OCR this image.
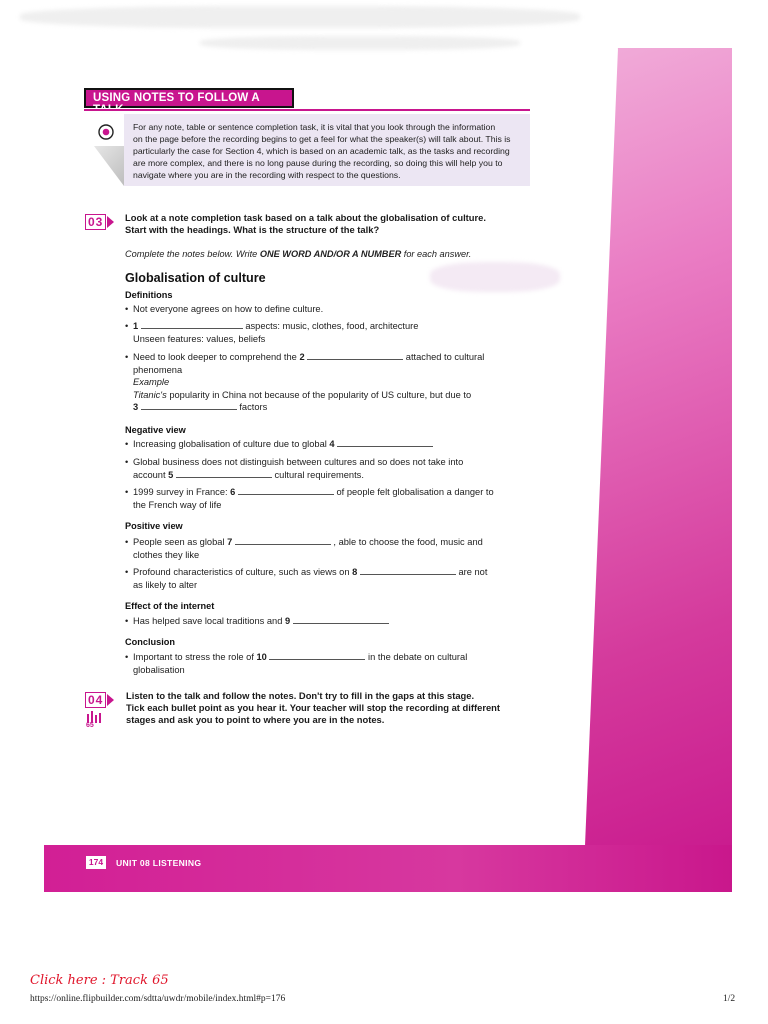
USING NOTES TO FOLLOW A
For any note, table or sentence completion task, it is vital that you look through the information
on the page before the recording begins to get a feel for what the speaker(s) will talk about. This is
particularly the case for Section 4, which is based on an academic talk, as the tasks and recording
are more complex, and there is no long pause during the recording, so doing this will help you to
navigate where you are in the recording with respect to the questions.
03	Look at a note completion task based on a talk about the globalisation of culture.
Start with the headings. What is the structure of the talk?
Complete the notes below. Write ONE WORD AND/OR A NUMBER for each answer.
Globalisation of culture
Definitions
• Not everyone agrees on how to define culture.
• 1	aspects: music, clothes, food, architecture
Unseen features: values, beliefs
• Need to look deeper to comprehend the 2	attached to cultural
phenomena
Example
Titanic's popularity in China not because of the popularity of US culture, but due to
3	factors
Negative view
• Increasing globalisation of culture due to global 4
• Global business does not distinguish between cultures and so does not take into
account 5	cultural requirements.
• 1999 survey in France: 6	of people felt globalisation a danger to
the French way of life
Positive view
• People seen as global 7	, able to choose the food, music and
clothes they like
• Profound characteristics of culture, such as views on 8	are not
as likely to alter
Effect of the internet
• Has helped save local traditions and 9
Conclusion
• Important to stress the role of 10	in the debate on cultural
globalisation
04
65
Listen to the talk and follow the notes. Don't try to fill in the gaps at this stage.
Tick each bullet point as you hear it. Your teacher will stop the recording at different
stages and ask you to point to where you are in the notes.
174	UNIT 08 LISTENING
Click here : Track 65
https://online.flipbuilder.com/sdtta/uwdr/mobile/index.html#p=176	1/2
